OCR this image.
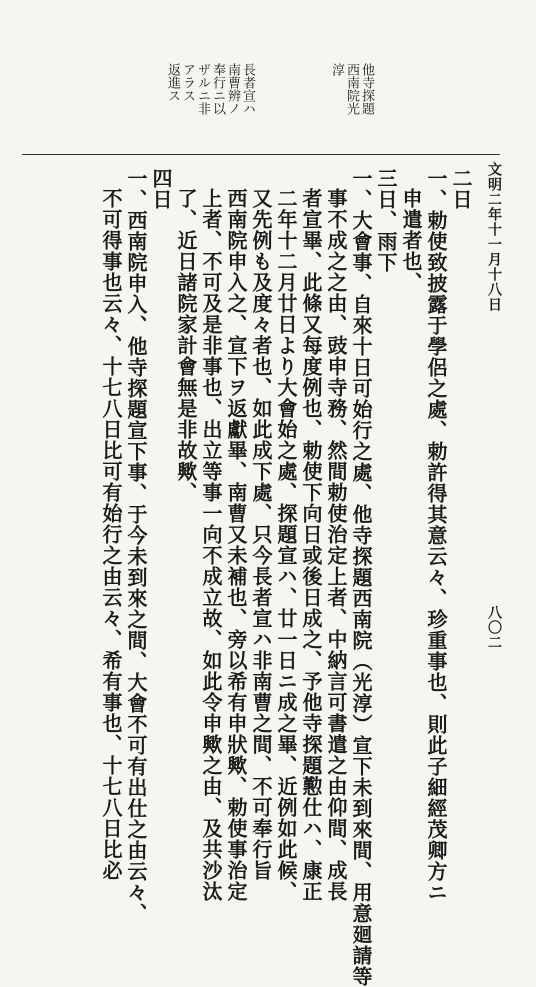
八〇二
文明二年十一月十八日
他寺探題
西南院光
淳
長者宣ハ
南曹辨ノ
奉行ニ以
ザルニ非
アラス
返進ス
二日
一、勅使致披露于學侶之處、勅許得其意云々、珍重事也、則此子細經茂卿方ニ
申遣者也、
三日、雨下
一、大會事、自來十日可始行之處、他寺探題西南院（光淳）宣下未到來間、用意廻請等
事不成之之由、豉申寺務、然間勅使治定上者、中納言可書遣之由仰間、成長
者宣畢、此條又每度例也、勅使下向日或後日成之、予他寺探題懃仕ハ、康正
二年十二月廿日より大會始之處、探題宣ハ、廿一日ニ成之畢、近例如此候、
又先例も及度々者也、如此成下處、只今長者宣ハ非南曹之間、不可奉行旨
西南院申入之、宣下ヲ返獻畢、南曹又未補也、旁以希有申狀歟、勅使事治定
上者、不可及是非事也、出立等事一向不成立故、如此令申歟之由、及共沙汰
了、近日諸院家計會無是非故歟、
四日
一、西南院申入、他寺探題宣下事、于今未到來之間、大會不可有出仕之由云々、
不可得事也云々、十七八日比可有始行之由云々、希有事也、十七八日比必
